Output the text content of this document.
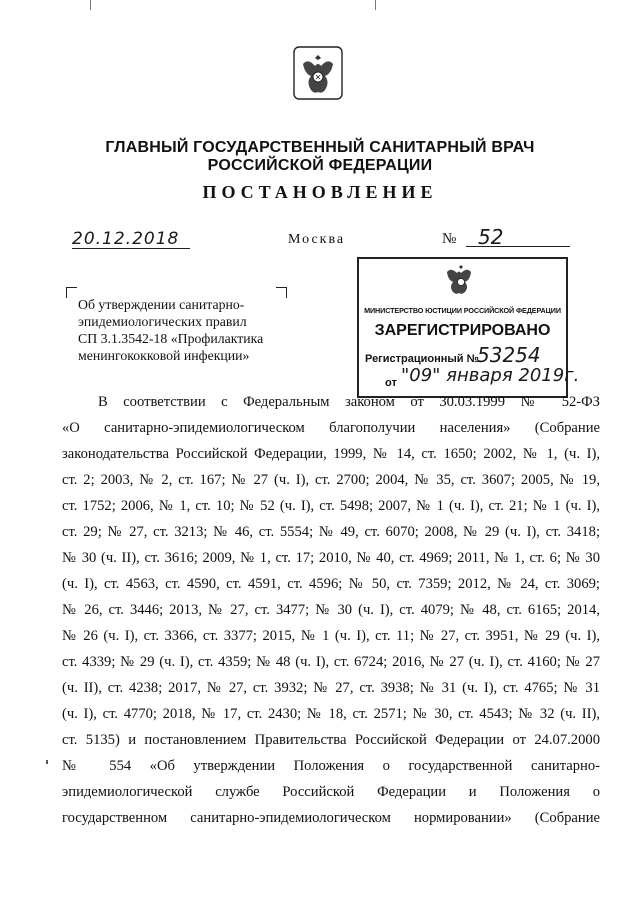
ГЛАВНЫЙ ГОСУДАРСТВЕННЫЙ САНИТАРНЫЙ ВРАЧ
РОССИЙСКОЙ ФЕДЕРАЦИИ
ПОСТАНОВЛЕНИЕ
20.12.2018	Москва	№ 52
Об утверждении санитарно-
эпидемиологических правил
СП 3.1.3542-18 «Профилактика
менингококковой инфекции»
МИНИСТЕРСТВО ЮСТИЦИИ РОССИЙСКОЙ ФЕДЕРАЦИИ
ЗАРЕГИСТРИРОВАНО
Регистрационный №
53254
от "09" января 2019г.
В соответствии с Федеральным законом от 30.03.1999 № 52-ФЗ
«О санитарно-эпидемиологическом благополучии населения» (Собрание
законодательства Российской Федерации, 1999, № 14, ст. 1650; 2002, № 1, (ч. I),
ст. 2; 2003, № 2, ст. 167; № 27 (ч. I), ст. 2700; 2004, № 35, ст. 3607; 2005, № 19,
ст. 1752; 2006, № 1, ст. 10; № 52 (ч. I), ст. 5498; 2007, № 1 (ч. I), ст. 21; № 1 (ч. I),
ст. 29; № 27, ст. 3213; № 46, ст. 5554; № 49, ст. 6070; 2008, № 29 (ч. I), ст. 3418;
№ 30 (ч. II), ст. 3616; 2009, № 1, ст. 17; 2010, № 40, ст. 4969; 2011, № 1, ст. 6; № 30
(ч. I), ст. 4563, ст. 4590, ст. 4591, ст. 4596; № 50, ст. 7359; 2012, № 24, ст. 3069;
№ 26, ст. 3446; 2013, № 27, ст. 3477; № 30 (ч. I), ст. 4079; № 48, ст. 6165; 2014,
№ 26 (ч. I), ст. 3366, ст. 3377; 2015, № 1 (ч. I), ст. 11; № 27, ст. 3951, № 29 (ч. I),
ст. 4339; № 29 (ч. I), ст. 4359; № 48 (ч. I), ст. 6724; 2016, № 27 (ч. I), ст. 4160; № 27
(ч. II), ст. 4238; 2017, № 27, ст. 3932; № 27, ст. 3938; № 31 (ч. I), ст. 4765; № 31
(ч. I), ст. 4770; 2018, № 17, ст. 2430; № 18, ст. 2571; № 30, ст. 4543; № 32 (ч. II),
ст. 5135) и постановлением Правительства Российской Федерации от 24.07.2000
№ 554 «Об утверждении Положения о государственной санитарно-
эпидемиологической службе Российской Федерации и Положения о
государственном санитарно-эпидемиологическом нормировании» (Собрание
